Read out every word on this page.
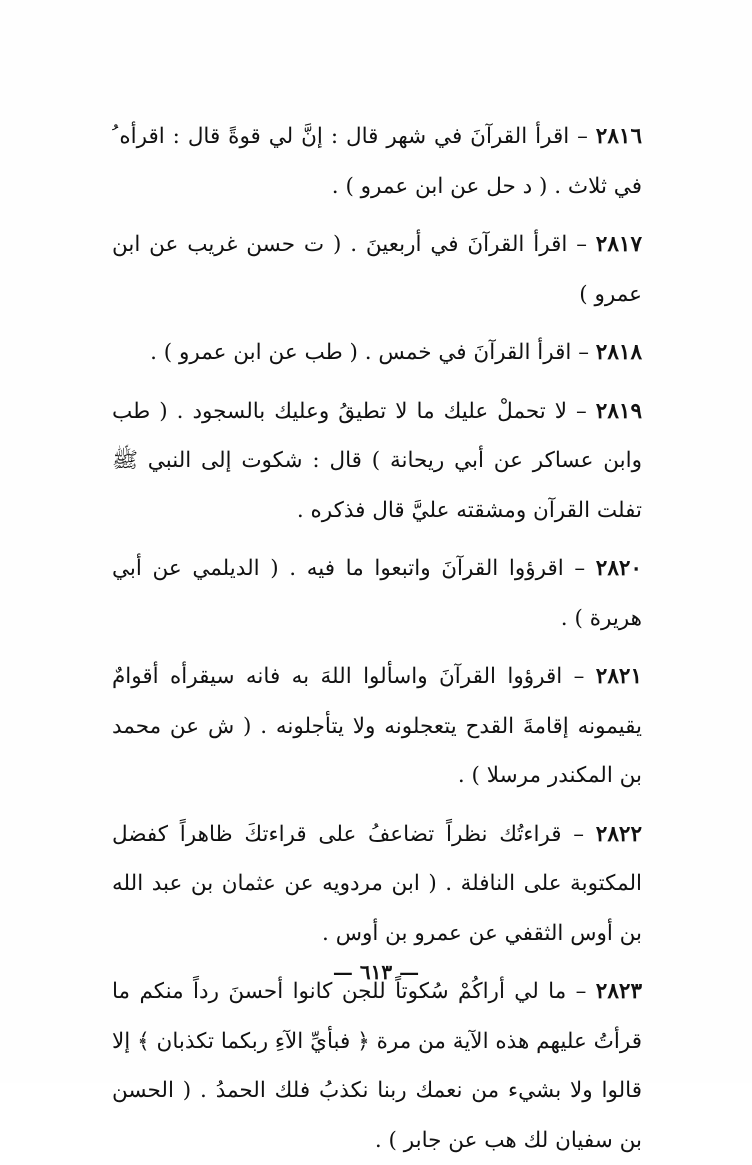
٢٨١٦ – اقرأ القرآنَ في شهر قال : إنَّ لي قوةً قال : اقرأه ُ في ثلاث . ( د حل عن ابن عمرو ) .

٢٨١٧ – اقرأ القرآنَ في أربعينَ . ( ت حسن غريب عن ابن عمرو )

٢٨١٨ – اقرأ القرآنَ في خمس . ( طب عن ابن عمرو ) .

٢٨١٩ – لا تحملْ عليك ما لا تطيقُ وعليك بالسجود . ( طب وابن عساكر عن أبي ريحانة ) قال : شكوت إلى النبي ﷺ تفلت القرآن ومشقته عليَّ قال فذكره .

٢٨٢٠ – اقرؤوا القرآنَ واتبعوا ما فيه . ( الديلمي عن أبي هريرة ) .

٢٨٢١ – اقرؤوا القرآنَ واسألوا اللهَ به فانه سيقرأه أقوامٌ يقيمونه إقامةَ القدح يتعجلونه ولا يتأجلونه . ( ش عن محمد بن المكندر مرسلا ) .

٢٨٢٢ – قراءتُك نظراً تضاعفُ على قراءتكَ ظاهراً كفضل المكتوبة على النافلة . ( ابن مردويه عن عثمان بن عبد الله بن أوس الثقفي عن عمرو بن أوس .

٢٨٢٣ – ما لي أراكُمْ سُكوتاً للجن كانوا أحسنَ رداً منكم ما قرأتُ عليهم هذه الآية من مرة ﴿ فبأيِّ الآءِ ربكما تكذبان ﴾ إلا قالوا ولا بشيء من نعمك ربنا نكذبُ فلك الحمدُ . ( الحسن بن سفيان لك هب عن جابر ) .

— ٦١٣ —
